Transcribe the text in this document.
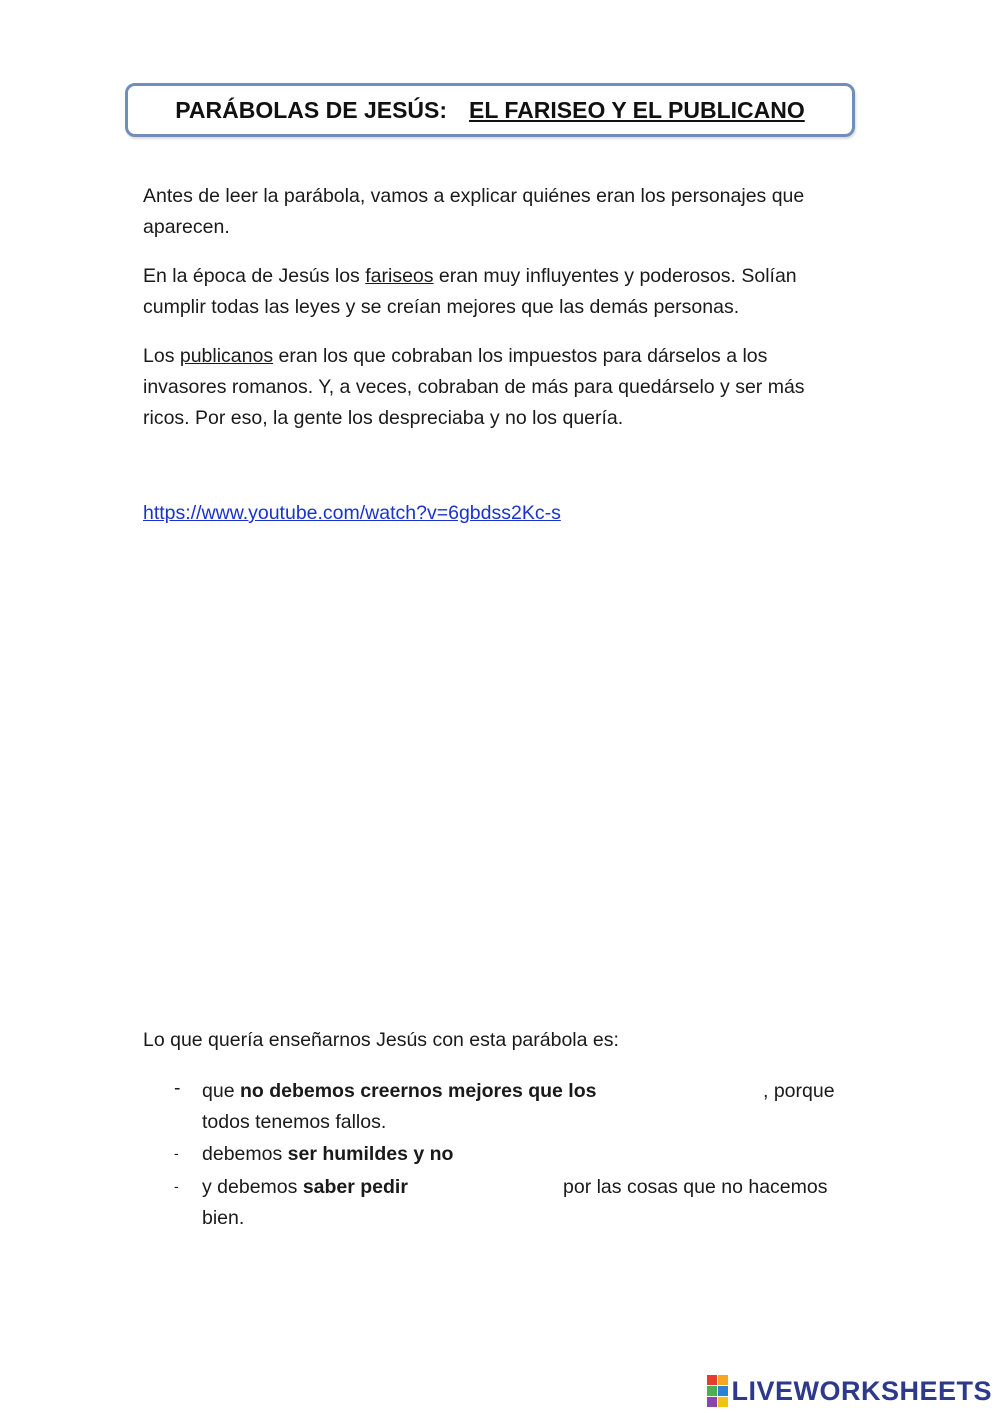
PARÁBOLAS DE JESÚS: EL FARISEO Y EL PUBLICANO

Antes de leer la parábola, vamos a explicar quiénes eran los personajes que aparecen.

En la época de Jesús los fariseos eran muy influyentes y poderosos. Solían cumplir todas las leyes y se creían mejores que las demás personas.

Los publicanos eran los que cobraban los impuestos para dárselos a los invasores romanos. Y, a veces, cobraban de más para quedárselo y ser más ricos. Por eso, la gente los despreciaba y no los quería.

https://www.youtube.com/watch?v=6gbdss2Kc-s
Lo que quería enseñarnos Jesús con esta parábola es:
- que no debemos creernos mejores que los	, porque
todos tenemos fallos.
- debemos ser humildes y no
- y debemos saber pedir	por las cosas que no hacemos
bien.
LIVEWORKSHEETS
